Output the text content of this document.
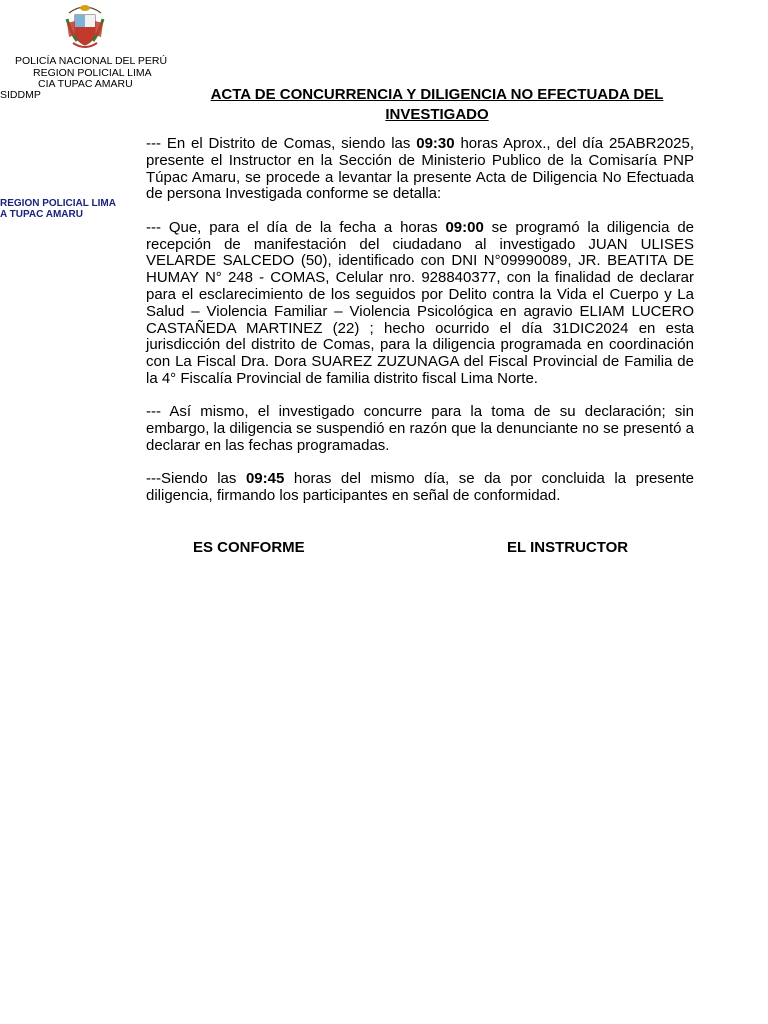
POLICÍA NACIONAL DEL PERÚ
REGION POLICIAL LIMA
CIA TUPAC AMARU
SIDDMP
REGION POLICIAL LIMA
A TUPAC AMARU
ACTA DE CONCURRENCIA Y DILIGENCIA NO EFECTUADA DEL
INVESTIGADO

--- En el Distrito de Comas, siendo las 09:30 horas Aprox., del día 25ABR2025, presente el Instructor en la Sección de Ministerio Publico de la Comisaría PNP Túpac Amaru, se procede a levantar la presente Acta de Diligencia No Efectuada de persona Investigada conforme se detalla:

--- Que, para el día de la fecha a horas 09:00 se programó la diligencia de recepción de manifestación del ciudadano al investigado JUAN ULISES VELARDE SALCEDO (50), identificado con DNI N°09990089, JR. BEATITA DE HUMAY N° 248 - COMAS, Celular nro. 928840377, con la finalidad de declarar para el esclarecimiento de los seguidos por Delito contra la Vida el Cuerpo y La Salud – Violencia Familiar – Violencia Psicológica en agravio ELIAM LUCERO CASTAÑEDA MARTINEZ (22) ; hecho ocurrido el día 31DIC2024 en esta jurisdicción del distrito de Comas, para la diligencia programada en coordinación con La Fiscal Dra. Dora SUAREZ ZUZUNAGA del Fiscal Provincial de Familia de la 4° Fiscalía Provincial de familia distrito fiscal Lima Norte.

--- Así mismo, el investigado concurre para la toma de su declaración; sin embargo, la diligencia se suspendió en razón que la denunciante no se presentó a declarar en las fechas programadas.

---Siendo las 09:45 horas del mismo día, se da por concluida la presente diligencia, firmando los participantes en señal de conformidad.

ES CONFORME	EL INSTRUCTOR
